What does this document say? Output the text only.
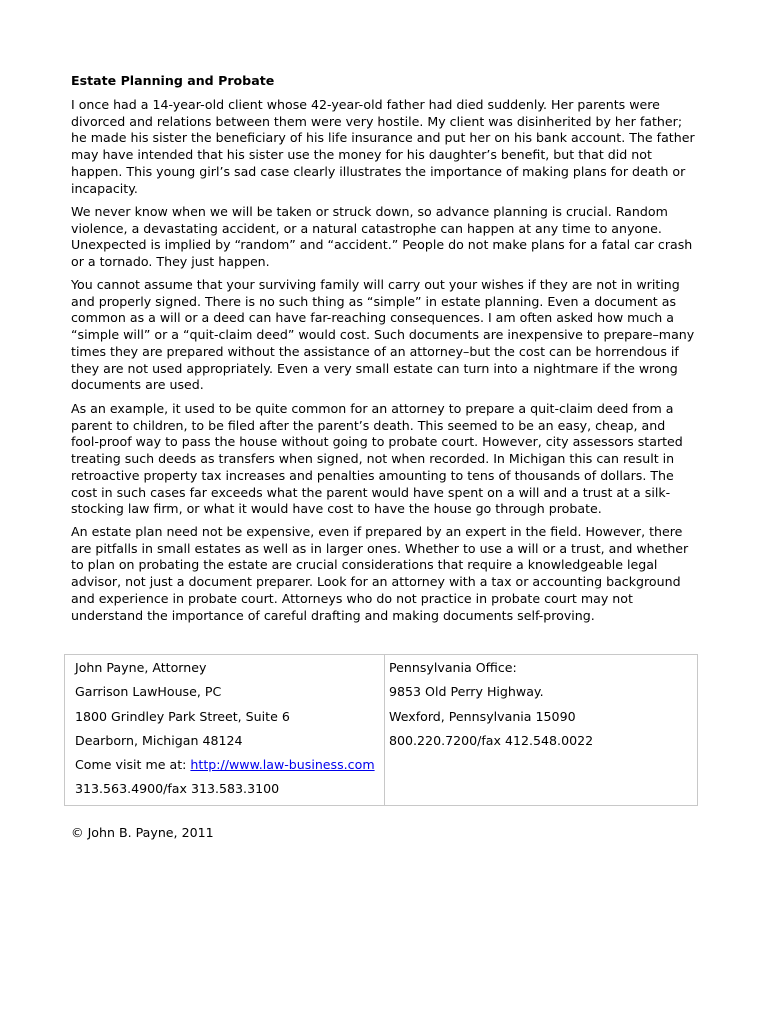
Estate Planning and Probate

I once had a 14-year-old client whose 42-year-old father had died suddenly. Her parents were
divorced and relations between them were very hostile. My client was disinherited by her father;
he made his sister the beneficiary of his life insurance and put her on his bank account. The father
may have intended that his sister use the money for his daughter’s benefit, but that did not
happen. This young girl’s sad case clearly illustrates the importance of making plans for death or
incapacity.

We never know when we will be taken or struck down, so advance planning is crucial. Random
violence, a devastating accident, or a natural catastrophe can happen at any time to anyone.
Unexpected is implied by “random” and “accident.” People do not make plans for a fatal car crash
or a tornado. They just happen.

You cannot assume that your surviving family will carry out your wishes if they are not in writing
and properly signed. There is no such thing as “simple” in estate planning. Even a document as
common as a will or a deed can have far-reaching consequences. I am often asked how much a
“simple will” or a “quit-claim deed” would cost. Such documents are inexpensive to prepare–many
times they are prepared without the assistance of an attorney–but the cost can be horrendous if
they are not used appropriately. Even a very small estate can turn into a nightmare if the wrong
documents are used.

As an example, it used to be quite common for an attorney to prepare a quit-claim deed from a
parent to children, to be filed after the parent’s death. This seemed to be an easy, cheap, and
fool-proof way to pass the house without going to probate court. However, city assessors started
treating such deeds as transfers when signed, not when recorded. In Michigan this can result in
retroactive property tax increases and penalties amounting to tens of thousands of dollars. The
cost in such cases far exceeds what the parent would have spent on a will and a trust at a silk-
stocking law firm, or what it would have cost to have the house go through probate.

An estate plan need not be expensive, even if prepared by an expert in the field. However, there
are pitfalls in small estates as well as in larger ones. Whether to use a will or a trust, and whether
to plan on probating the estate are crucial considerations that require a knowledgeable legal
advisor, not just a document preparer. Look for an attorney with a tax or accounting background
and experience in probate court. Attorneys who do not practice in probate court may not
understand the importance of careful drafting and making documents self-proving.

John Payne, Attorney
Garrison LawHouse, PC
1800 Grindley Park Street, Suite 6
Dearborn, Michigan 48124
Come visit me at: http://www.law-business.com
313.563.4900/fax 313.583.3100
Pennsylvania Office:
9853 Old Perry Highway.
Wexford, Pennsylvania 15090
800.220.7200/fax 412.548.0022
© John B. Payne, 2011
